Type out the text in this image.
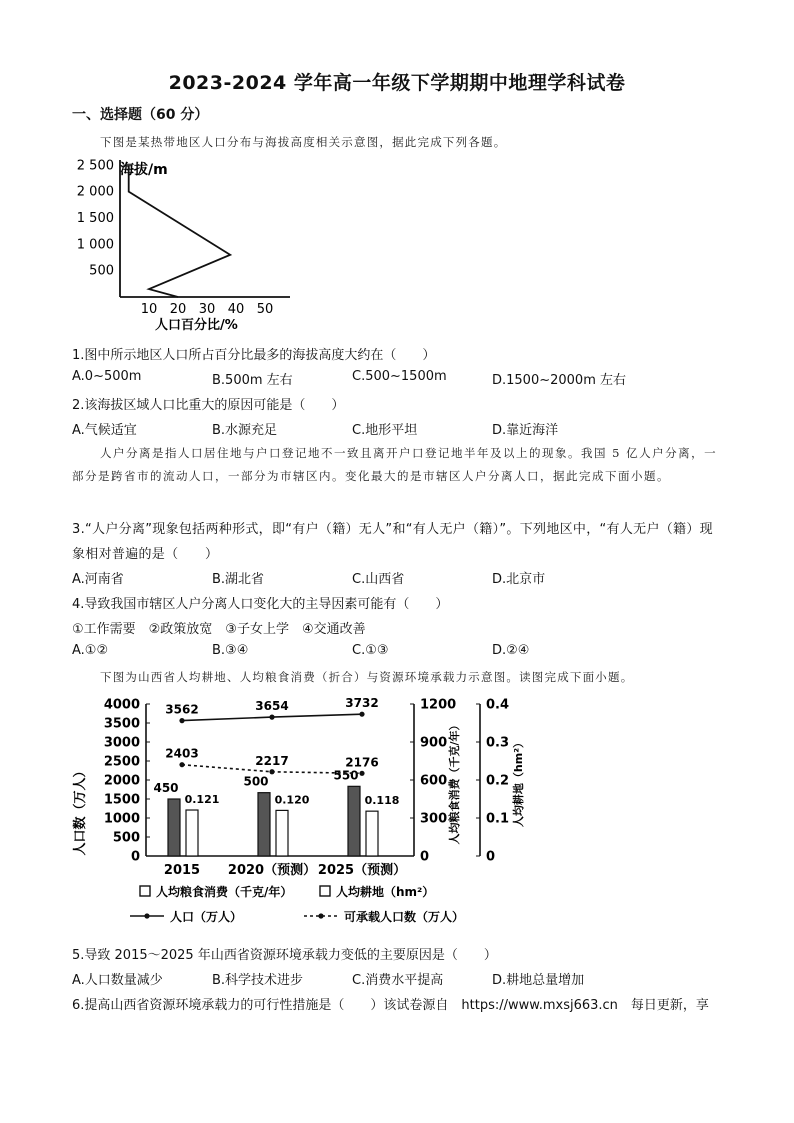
2023-2024 学年高一年级下学期期中地理学科试卷
一、选择题（60 分）
下图是某热带地区人口分布与海拔高度相关示意图，据此完成下列各题。
海拔/m
2 500
2 000
1 500
1 000
500
10 20 30 40 50
人口百分比/%
1.图中所示地区人口所占百分比最多的海拔高度大约在（　　）
A.0~500m	B.500m 左右	C.500~1500m	D.1500~2000m 左右
2.该海拔区域人口比重大的原因可能是（　　）
A.气候适宜	B.水源充足	C.地形平坦	D.靠近海洋
人户分离是指人口居住地与户口登记地不一致且离开户口登记地半年及以上的现象。我国 5 亿人户分离，一部分是跨省市的流动人口，一部分为市辖区内。变化最大的是市辖区人户分离人口，据此完成下面小题。
3.“人户分离”现象包括两种形式，即“有户（籍）无人”和“有人无户（籍）”。下列地区中，“有人无户（籍）现象相对普遍的是（　　）
A.河南省	B.湖北省	C.山西省	D.北京市
4.导致我国市辖区人户分离人口变化大的主导因素可能有（　　）
①工作需要　②政策放宽　③子女上学　④交通改善
A.①②	B.③④	C.①③	D.②④
下图为山西省人均耕地、人均粮食消费（折合）与资源环境承载力示意图。读图完成下面小题。
人口数（万人）
4000
3500
3000
2500
2000
1500
1000
500
0
1200
900
600
300
0
人均粮食消费（千克/年）
0.4
0.3
0.2
0.1
0
人均耕地（hm²）
450
0.121
500
0.120
550
0.118
3562	3654	3732
2403
2217	2176
2015 2020（预测） 2025（预测）
人均粮食消费（千克/年）	人均耕地（hm²）
人口（万人）	可承载人口数（万人）
5.导致 2015～2025 年山西省资源环境承载力变低的主要原因是（　　）
A.人口数量减少	B.科学技术进步	C.消费水平提高	D.耕地总量增加
6.提高山西省资源环境承载力的可行性措施是（　　）该试卷源自　https://www.mxsj663.cn　每日更新，享
